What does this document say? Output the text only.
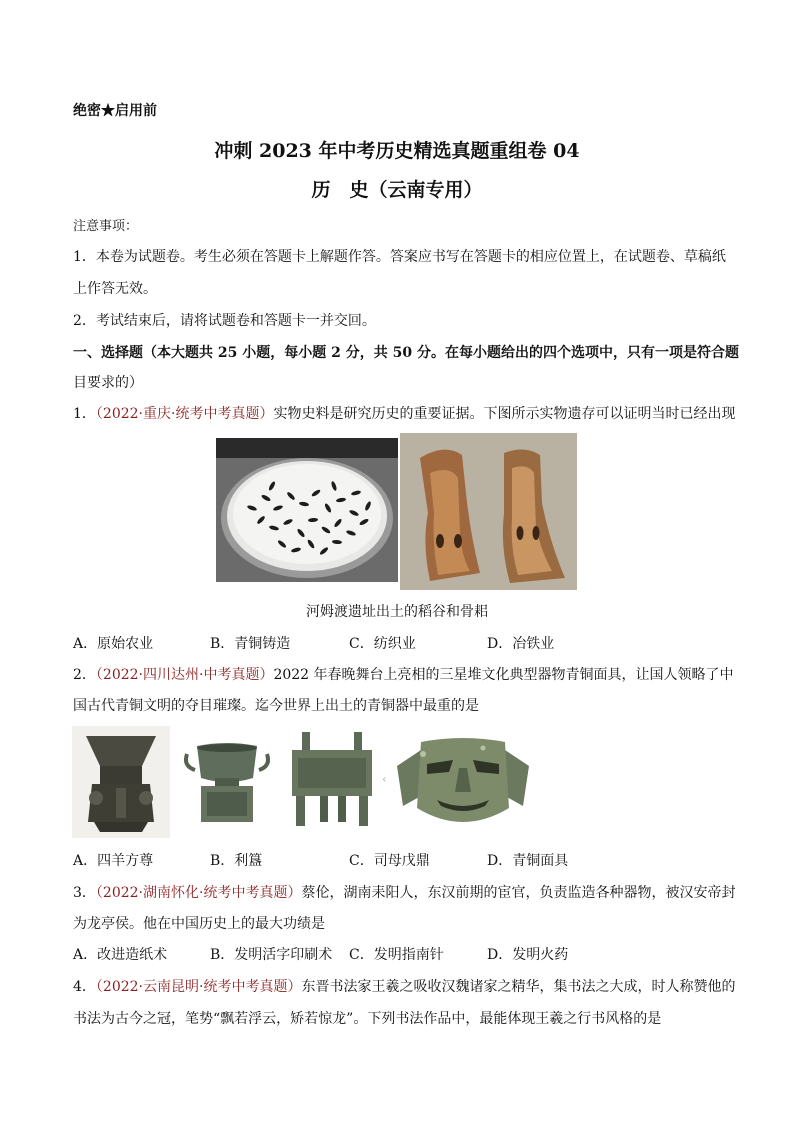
绝密★启用前
冲刺 2023 年中考历史精选真题重组卷 04
历　史（云南专用）
注意事项：
1．本卷为试题卷。考生必须在答题卡上解题作答。答案应书写在答题卡的相应位置上，在试题卷、草稿纸
上作答无效。
2．考试结束后，请将试题卷和答题卡一并交回。
一、选择题（本大题共 25 小题，每小题 2 分，共 50 分。在每小题给出的四个选项中，只有一项是符合题
目要求的）
1．（2022·重庆·统考中考真题）实物史料是研究历史的重要证据。下图所示实物遗存可以证明当时已经出现
河姆渡遗址出土的稻谷和骨耜
A．原始农业	B．青铜铸造	C．纺织业	D．冶铁业
2．（2022·四川达州·中考真题）2022 年春晚舞台上亮相的三星堆文化典型器物青铜面具，让国人领略了中
国古代青铜文明的夺目璀璨。迄今世界上出土的青铜器中最重的是
‹
A．四羊方尊	B．利簋	C．司母戊鼎	D．青铜面具
3．（2022·湖南怀化·统考中考真题）蔡伦，湖南耒阳人，东汉前期的宦官，负责监造各种器物，被汉安帝封
为龙亭侯。他在中国历史上的最大功绩是
A．改进造纸术	B．发明活字印刷术 C．发明指南针	D．发明火药
4．（2022·云南昆明·统考中考真题）东晋书法家王羲之吸收汉魏诸家之精华，集书法之大成，时人称赞他的
书法为古今之冠，笔势“飘若浮云，矫若惊龙”。下列书法作品中，最能体现王羲之行书风格的是
